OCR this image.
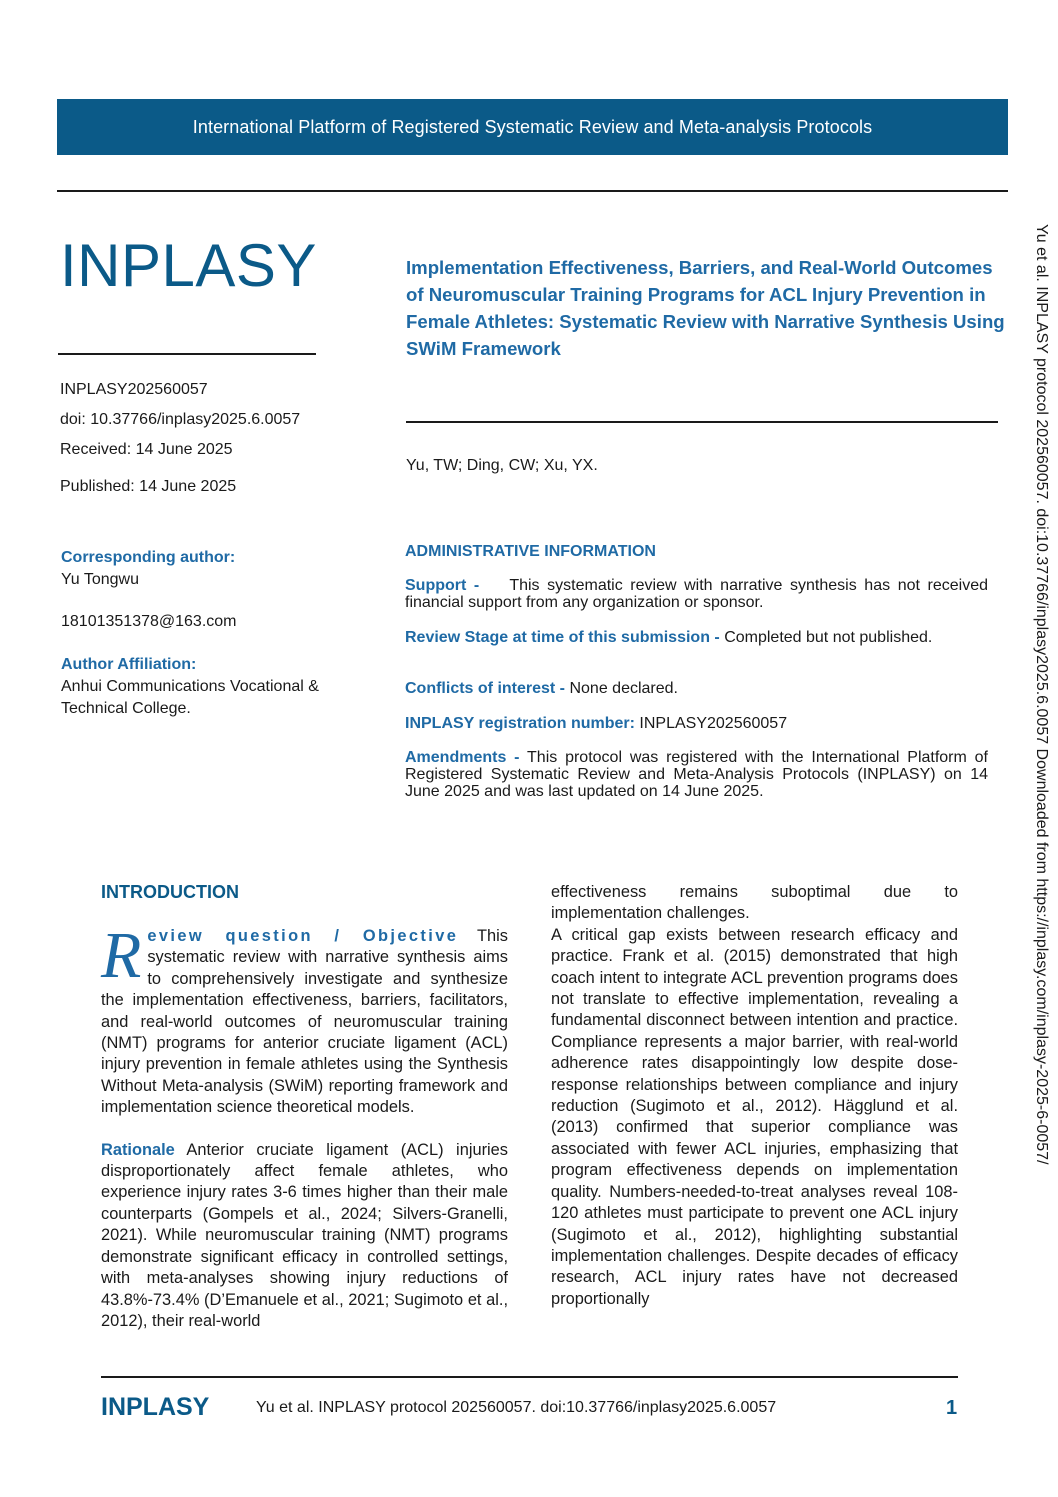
International Platform of Registered Systematic Review and Meta-analysis Protocols
INPLASY
INPLASY202560057
doi: 10.37766/inplasy2025.6.0057
Received: 14 June 2025
Published: 14 June 2025
Implementation Effectiveness, Barriers, and Real-World Outcomes of Neuromuscular Training Programs for ACL Injury Prevention in Female Athletes: Systematic Review with Narrative Synthesis Using SWiM Framework
Yu, TW; Ding, CW; Xu, YX.
Corresponding author:
Yu Tongwu
18101351378@163.com
Author Affiliation:
Anhui Communications Vocational &
Technical College.
ADMINISTRATIVE INFORMATION
Support - This systematic review with narrative synthesis has not received financial support from any organization or sponsor.
Review Stage at time of this submission - Completed but not published.
Conflicts of interest - None declared.
INPLASY registration number: INPLASY202560057
Amendments - This protocol was registered with the International Platform of Registered Systematic Review and Meta-Analysis Protocols (INPLASY) on 14 June 2025 and was last updated on 14 June 2025.	Yu et al. INPLASY protocol 202560057. doi:10.37766/inplasy2025.6.0057 Downloaded from https://inplasy.com/inplasy-2025-6-0057/
INTRODUCTION

R eview question / Objective This systematic review with narrative synthesis aims to comprehensively investigate and synthesize the implementation effectiveness, barriers, facilitators, and real-world outcomes of neuromuscular training (NMT) programs for anterior cruciate ligament (ACL) injury prevention in female athletes using the Synthesis Without Meta-analysis (SWiM) reporting framework and implementation science theoretical models.

Rationale Anterior cruciate ligament (ACL) injuries disproportionately affect female athletes, who experience injury rates 3-6 times higher than their male counterparts (Gompels et al., 2024; Silvers-Granelli, 2021). While neuromuscular training (NMT) programs demonstrate significant efficacy in controlled settings, with meta-analyses showing injury reductions of 43.8%-73.4% (D’Emanuele et al., 2021; Sugimoto et al., 2012), their real-world

effectiveness remains suboptimal due to implementation challenges.

A critical gap exists between research efficacy and practice. Frank et al. (2015) demonstrated that high coach intent to integrate ACL prevention programs does not translate to effective implementation, revealing a fundamental disconnect between intention and practice. Compliance represents a major barrier, with real-world adherence rates disappointingly low despite dose-response relationships between compliance and injury reduction (Sugimoto et al., 2012). Hägglund et al. (2013) confirmed that superior compliance was associated with fewer ACL injuries, emphasizing that program effectiveness depends on implementation quality. Numbers-needed-to-treat analyses reveal 108-120 athletes must participate to prevent one ACL injury (Sugimoto et al., 2012), highlighting substantial implementation challenges. Despite decades of efficacy research, ACL injury rates have not decreased proportionally

INPLASY	Yu et al. INPLASY protocol 202560057. doi:10.37766/inplasy2025.6.0057	1
